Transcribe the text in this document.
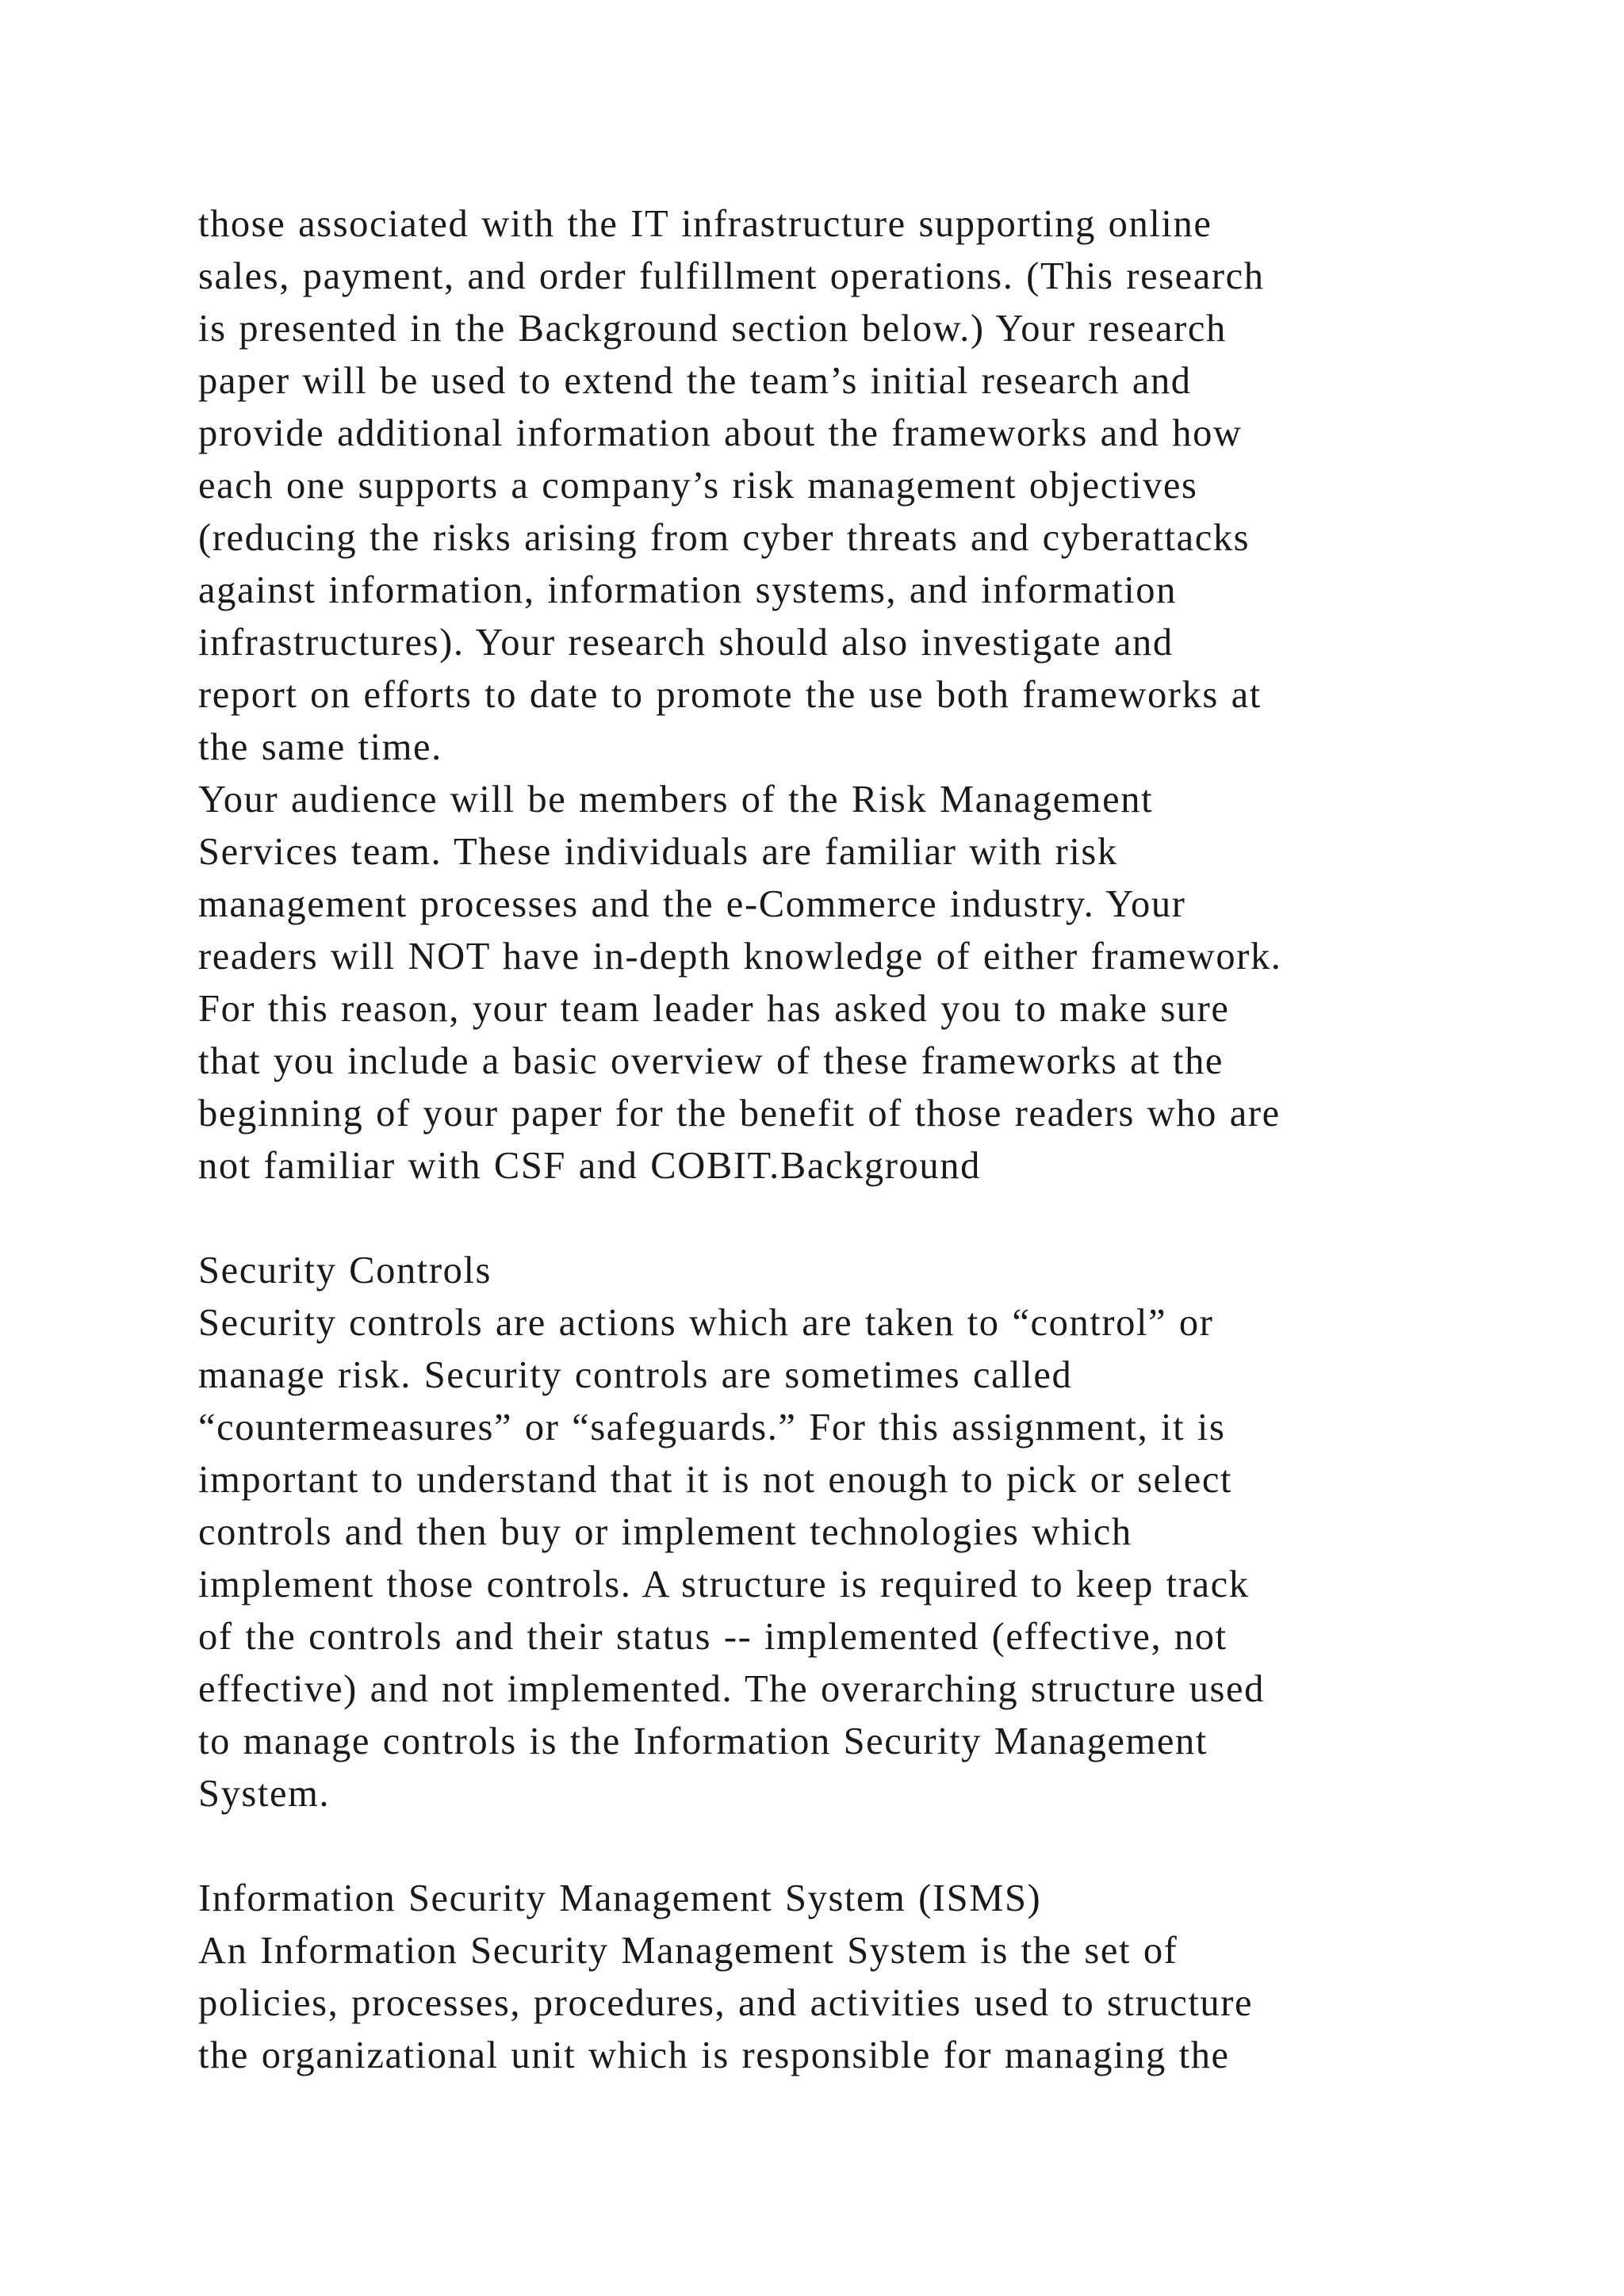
those associated with the IT infrastructure supporting online
sales, payment, and order fulfillment operations. (This research
is presented in the Background section below.) Your research
paper will be used to extend the team’s initial research and
provide additional information about the frameworks and how
each one supports a company’s risk management objectives
(reducing the risks arising from cyber threats and cyberattacks
against information, information systems, and information
infrastructures). Your research should also investigate and
report on efforts to date to promote the use both frameworks at
the same time.
Your audience will be members of the Risk Management
Services team. These individuals are familiar with risk
management processes and the e-Commerce industry. Your
readers will NOT have in-depth knowledge of either framework.
For this reason, your team leader has asked you to make sure
that you include a basic overview of these frameworks at the
beginning of your paper for the benefit of those readers who are
not familiar with CSF and COBIT.Background
Security Controls
Security controls are actions which are taken to “control” or
manage risk. Security controls are sometimes called
“countermeasures” or “safeguards.” For this assignment, it is
important to understand that it is not enough to pick or select
controls and then buy or implement technologies which
implement those controls. A structure is required to keep track
of the controls and their status -- implemented (effective, not
effective) and not implemented. The overarching structure used
to manage controls is the Information Security Management
System.
Information Security Management System (ISMS)
An Information Security Management System is the set of
policies, processes, procedures, and activities used to structure
the organizational unit which is responsible for managing the
